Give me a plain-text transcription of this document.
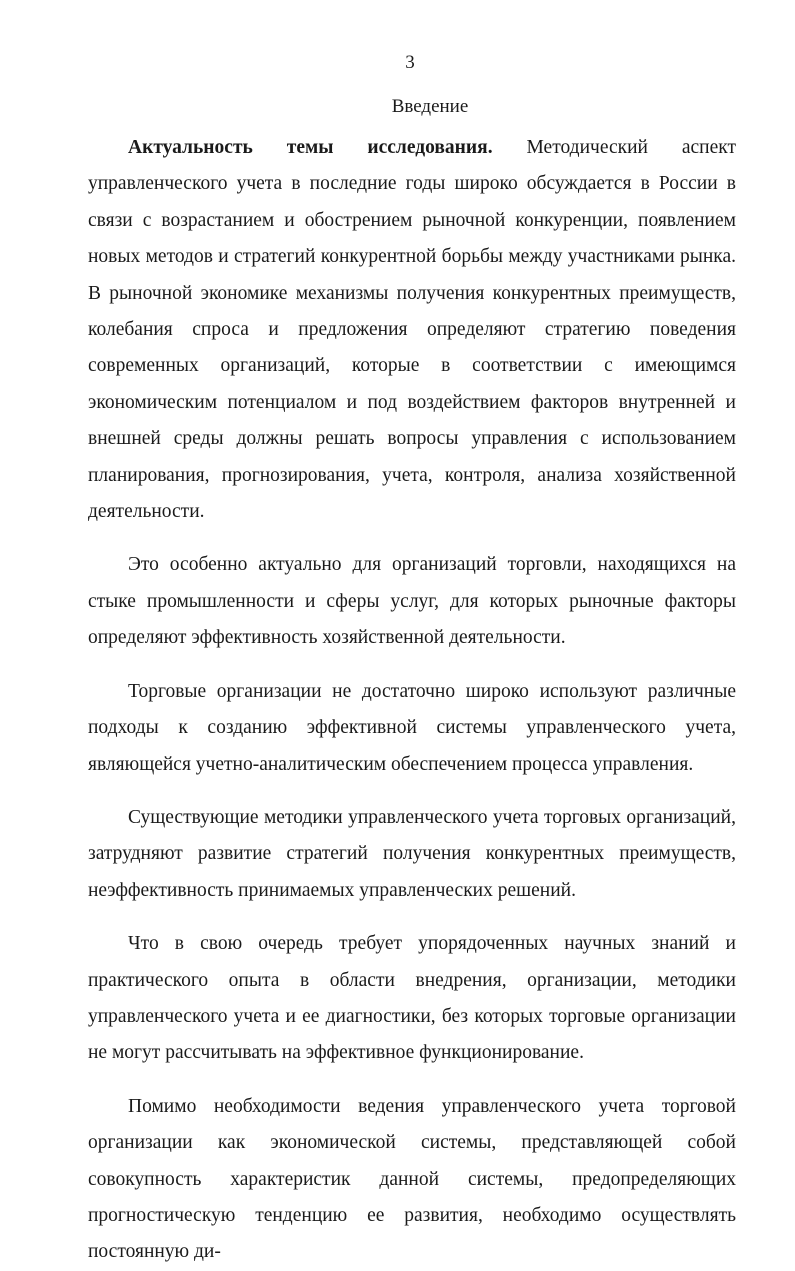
3
Введение

Актуальность темы исследования. Методический аспект управленческого учета в последние годы широко обсуждается в России в связи с возрастанием и обострением рыночной конкуренции, появлением новых методов и стратегий конкурентной борьбы между участниками рынка. В рыночной экономике механизмы получения конкурентных преимуществ, колебания спроса и предложения определяют стратегию поведения современных организаций, которые в соответствии с имеющимся экономическим потенциалом и под воздействием факторов внутренней и внешней среды должны решать вопросы управления с использованием планирования, прогнозирования, учета, контроля, анализа хозяйственной деятельности.

Это особенно актуально для организаций торговли, находящихся на стыке промышленности и сферы услуг, для которых рыночные факторы определяют эффективность хозяйственной деятельности.

Торговые организации не достаточно широко используют различные подходы к созданию эффективной системы управленческого учета, являющейся учетно-аналитическим обеспечением процесса управления.

Существующие методики управленческого учета торговых организаций, затрудняют развитие стратегий получения конкурентных преимуществ, неэффективность принимаемых управленческих решений.

Что в свою очередь требует упорядоченных научных знаний и практического опыта в области внедрения, организации, методики управленческого учета и ее диагностики, без которых торговые организации не могут рассчитывать на эффективное функционирование.

Помимо необходимости ведения управленческого учета торговой организации как экономической системы, представляющей собой совокупность характеристик данной системы, предопределяющих прогностическую тенденцию ее развития, необходимо осуществлять постоянную ди-
